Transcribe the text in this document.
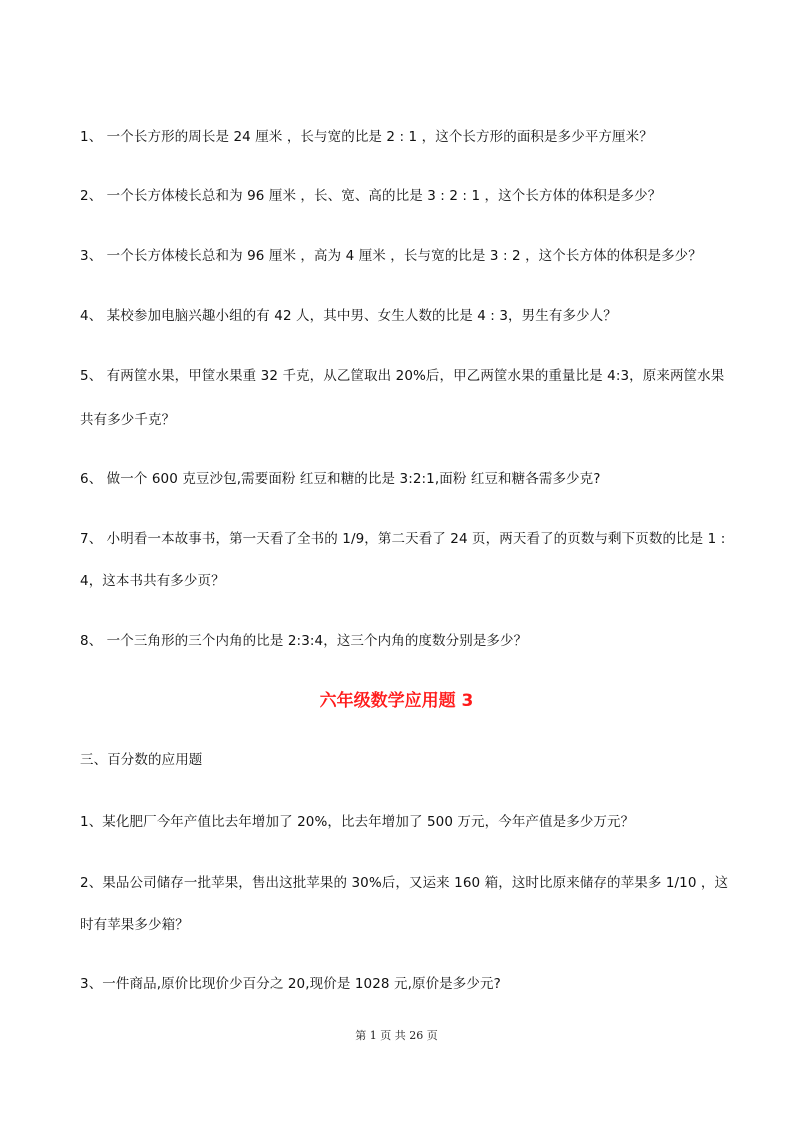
1、 一个长方形的周长是 24 厘米 ，长与宽的比是 2 : 1 ，这个长方形的面积是多少平方厘米？
2、 一个长方体棱长总和为 96 厘米 ，长、宽、高的比是 3 : 2 : 1 ，这个长方体的体积是多少？
3、 一个长方体棱长总和为 96 厘米 ，高为 4 厘米 ，长与宽的比是 3 : 2 ，这个长方体的体积是多少？
4、 某校参加电脑兴趣小组的有 42 人，其中男、女生人数的比是 4 : 3，男生有多少人？
5、 有两筐水果，甲筐水果重 32 千克，从乙筐取出 20%后，甲乙两筐水果的重量比是 4:3，原来两筐水果
共有多少千克？
6、 做一个 600 克豆沙包,需要面粉 红豆和糖的比是 3:2:1,面粉 红豆和糖各需多少克?
7、 小明看一本故事书，第一天看了全书的 1/9，第二天看了 24 页，两天看了的页数与剩下页数的比是 1 :
4，这本书共有多少页？
8、 一个三角形的三个内角的比是 2:3:4，这三个内角的度数分别是多少？
六年级数学应用题 3
三、百分数的应用题
1、某化肥厂今年产值比去年增加了 20%，比去年增加了 500 万元，今年产值是多少万元？
2、果品公司储存一批苹果，售出这批苹果的 30%后，又运来 160 箱，这时比原来储存的苹果多 1/10 ，这
时有苹果多少箱？
3、一件商品,原价比现价少百分之 20,现价是 1028 元,原价是多少元?
第 1 页 共 26 页
